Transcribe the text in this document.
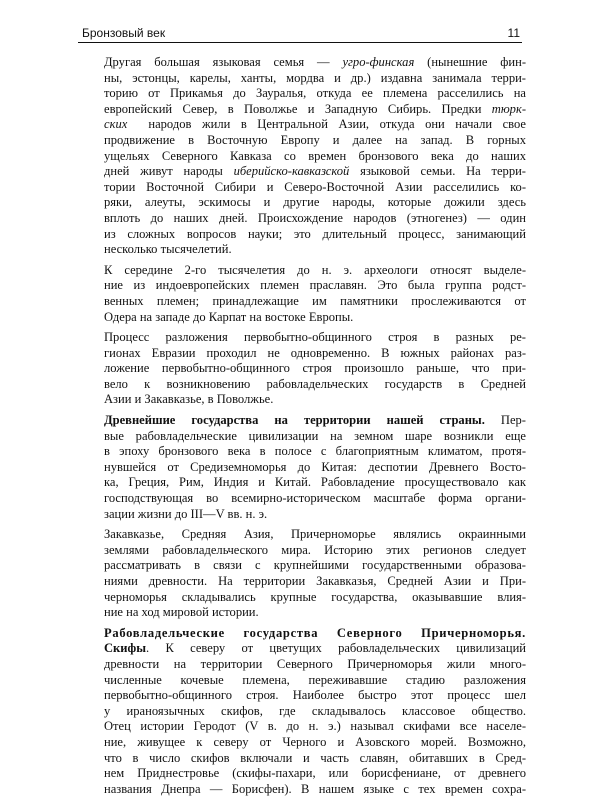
Бронзовый век	11
Другая большая языковая семья — угро-финская (нынешние фин-
ны, эстонцы, карелы, ханты, мордва и др.) издавна занимала терри-
торию от Прикамья до Зауралья, откуда ее племена расселились на
европейский Север, в Поволжье и Западную Сибирь. Предки тюрк-
ских  народов жили в Центральной Азии, откуда они начали свое
продвижение в Восточную Европу и далее на запад. В горных
ущельях Северного Кавказа со времен бронзового века до наших
дней живут народы иберийско-кавказской языковой семьи. На терри-
тории Восточной Сибири и Северо-Восточной Азии расселились ко-
ряки, алеуты, эскимосы и другие народы, которые дожили здесь
вплоть до наших дней. Происхождение народов (этногенез) — один
из сложных вопросов науки; это длительный процесс, занимающий
несколько тысячелетий.
К середине 2-го тысячелетия до н. э. археологи относят выделе-
ние из индоевропейских племен праславян. Это была группа родст-
венных племен; принадлежащие им памятники прослеживаются от
Одера на западе до Карпат на востоке Европы.
Процесс разложения первобытно-общинного строя в разных ре-
гионах Евразии проходил не одновременно. В южных районах раз-
ложение первобытно-общинного строя произошло раньше, что при-
вело к возникновению рабовладельческих государств в Средней
Азии и Закавказье, в Поволжье.
Древнейшие государства на территории нашей страны. Пер-
вые рабовладельческие цивилизации на земном шаре возникли еще
в эпоху бронзового века в полосе с благоприятным климатом, протя-
нувшейся от Средиземноморья до Китая: деспотии Древнего Восто-
ка, Греция, Рим, Индия и Китай. Рабовладение просуществовало как
господствующая во всемирно-историческом масштабе форма органи-
зации жизни до III—V вв. н. э.
Закавказье, Средняя Азия, Причерноморье являлись окраинными
землями рабовладельческого мира. Историю этих регионов следует
рассматривать в связи с крупнейшими государственными образова-
ниями древности. На территории Закавказья, Средней Азии и При-
черноморья складывались крупные государства, оказывавшие влия-
ние на ход мировой истории.
Рабовладельческие государства Северного Причерноморья.
Скифы. К северу от цветущих рабовладельческих цивилизаций
древности на территории Северного Причерноморья жили много-
численные кочевые племена, переживавшие стадию разложения
первобытно-общинного строя. Наиболее быстро этот процесс шел
у ираноязычных скифов, где складывалось классовое общество.
Отец истории Геродот (V в. до н. э.) называл скифами все населе-
ние, живущее к северу от Черного и Азовского морей. Возможно,
что в число скифов включали и часть славян, обитавших в Сред-
нем Приднестровье (скифы-пахари, или борисфениане, от древнего
названия Днепра — Борисфен). В нашем языке с тех времен сохра-
